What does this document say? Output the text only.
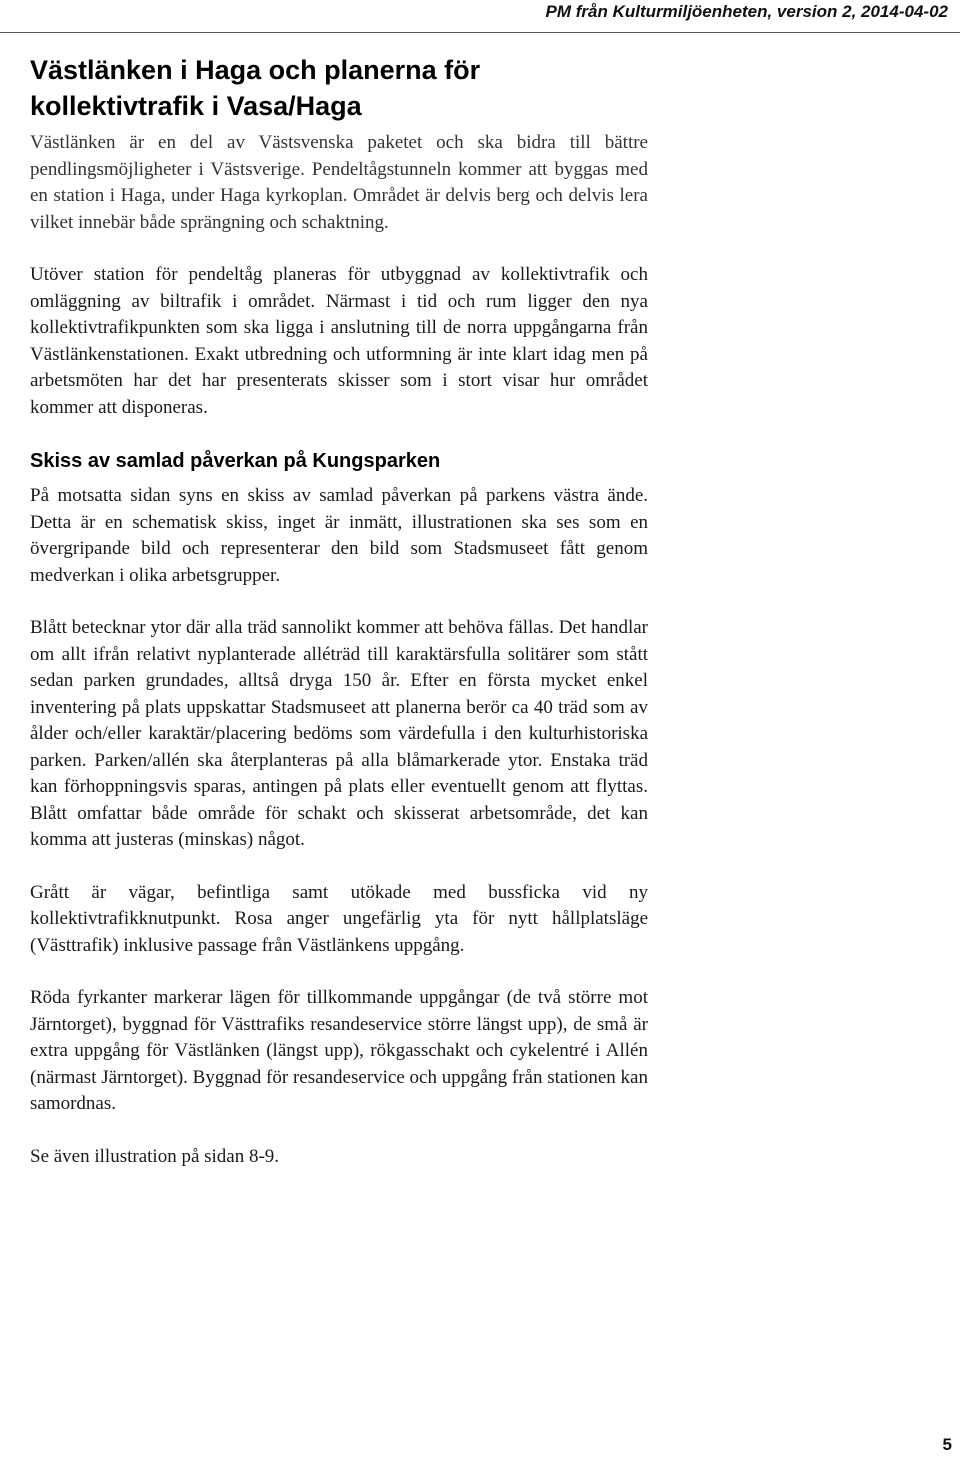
PM från Kulturmiljöenheten, version 2, 2014-04-02
Västlänken i Haga och planerna för kollektivtrafik i Vasa/Haga

Västlänken är en del av Västsvenska paketet och ska bidra till bättre pendlingsmöjligheter i Västsverige. Pendeltågstunneln kommer att byggas med en station i Haga, under Haga kyrkoplan. Området är delvis berg och delvis lera vilket innebär både sprängning och schaktning.

Utöver station för pendeltåg planeras för utbyggnad av kollektivtrafik och omläggning av biltrafik i området. Närmast i tid och rum ligger den nya kollektivtrafikpunkten som ska ligga i anslutning till de norra uppgångarna från Västlänkenstationen. Exakt utbredning och utformning är inte klart idag men på arbetsmöten har det har presenterats skisser som i stort visar hur området kommer att disponeras.

Skiss av samlad påverkan på Kungsparken

På motsatta sidan syns en skiss av samlad påverkan på parkens västra ände. Detta är en schematisk skiss, inget är inmätt, illustrationen ska ses som en övergripande bild och representerar den bild som Stadsmuseet fått genom medverkan i olika arbetsgrupper.

Blått betecknar ytor där alla träd sannolikt kommer att behöva fällas. Det handlar om allt ifrån relativt nyplanterade alléträd till karaktärsfulla solitärer som stått sedan parken grundades, alltså dryga 150 år. Efter en första mycket enkel inventering på plats uppskattar Stadsmuseet att planerna berör ca 40 träd som av ålder och/eller karaktär/placering bedöms som värdefulla i den kulturhistoriska parken. Parken/allén ska återplanteras på alla blåmarkerade ytor. Enstaka träd kan förhoppningsvis sparas, antingen på plats eller eventuellt genom att flyttas. Blått omfattar både område för schakt och skisserat arbetsområde, det kan komma att justeras (minskas) något.

Grått är vägar, befintliga samt utökade med bussficka vid ny kollektivtrafikknutpunkt. Rosa anger ungefärlig yta för nytt hållplatsläge (Västtrafik) inklusive passage från Västlänkens uppgång.

Röda fyrkanter markerar lägen för tillkommande uppgångar (de två större mot Järntorget), byggnad för Västtrafiks resandeservice större längst upp), de små är extra uppgång för Västlänken (längst upp), rökgasschakt och cykelentré i Allén (närmast Järntorget). Byggnad för resandeservice och uppgång från stationen kan samordnas.

Se även illustration på sidan 8-9.

5
